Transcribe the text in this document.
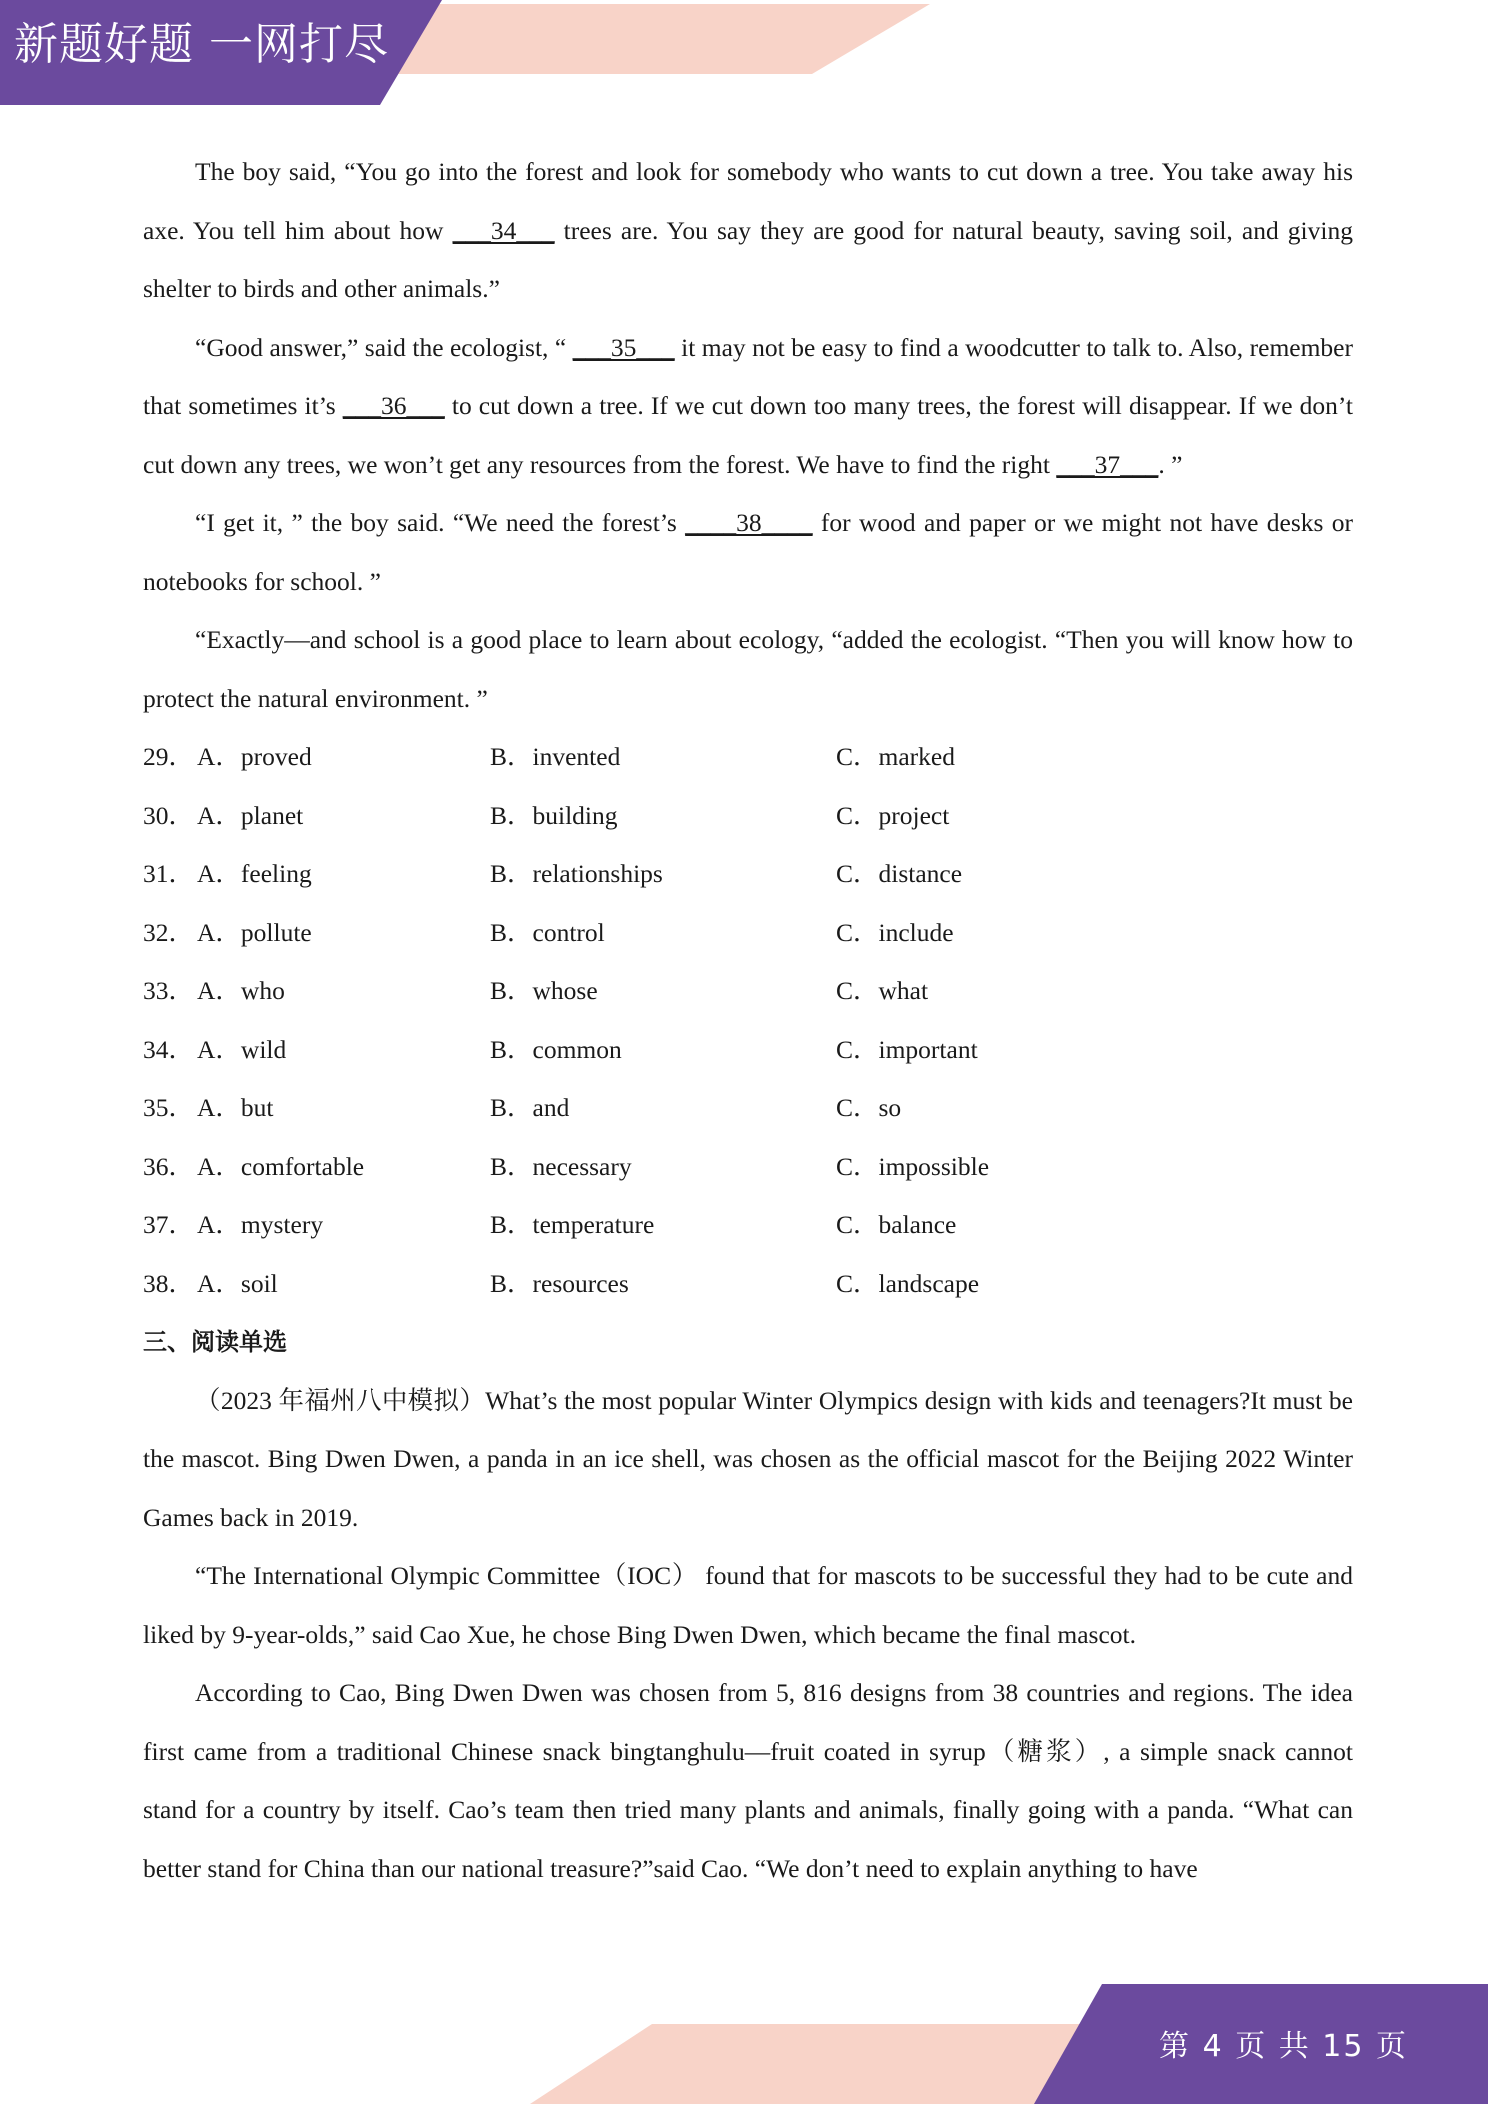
新题好题 一网打尽

The boy said, “You go into the forest and look for somebody who wants to cut down a tree. You take away his axe. You tell him about how ___34___ trees are. You say they are good for natural beauty, saving soil, and giving shelter to birds and other animals.”

“Good answer,” said the ecologist, “ ___35___ it may not be easy to find a woodcutter to talk to. Also, remember that sometimes it’s ___36___ to cut down a tree. If we cut down too many trees, the forest will disappear. If we don’t cut down any trees, we won’t get any resources from the forest. We have to find the right ___37___. ”

“I get it, ” the boy said. “We need the forest’s ____38____ for wood and paper or we might not have desks or notebooks for school. ”

“Exactly—and school is a good place to learn about ecology, “added the ecologist. “Then you will know how to protect the natural environment. ”

29． A．proved	B．invented	C．marked
30． A．planet	B．building	C．project
31． A．feeling	B．relationships	C．distance
32． A．pollute	B．control	C．include
33． A．who	B．whose	C．what
34． A．wild	B．common	C．important
35． A．but	B．and	C．so
36． A．comfortable	B．necessary	C．impossible
37． A．mystery	B．temperature	C．balance
38． A．soil	B．resources	C．landscape
三、阅读单选

（2023 年福州八中模拟）What’s the most popular Winter Olympics design with kids and teenagers?It must be the mascot. Bing Dwen Dwen, a panda in an ice shell, was chosen as the official mascot for the Beijing 2022 Winter Games back in 2019.

“The International Olympic Committee（IOC） found that for mascots to be successful they had to be cute and liked by 9-year-olds,” said Cao Xue, he chose Bing Dwen Dwen, which became the final mascot.

According to Cao, Bing Dwen Dwen was chosen from 5, 816 designs from 38 countries and regions. The idea first came from a traditional Chinese snack bingtanghulu—fruit coated in syrup（糖浆）, a simple snack cannot stand for a country by itself. Cao’s team then tried many plants and animals, finally going with a panda. “What can better stand for China than our national treasure?”said Cao. “We don’t need to explain anything to have

第 4 页 共 15 页
